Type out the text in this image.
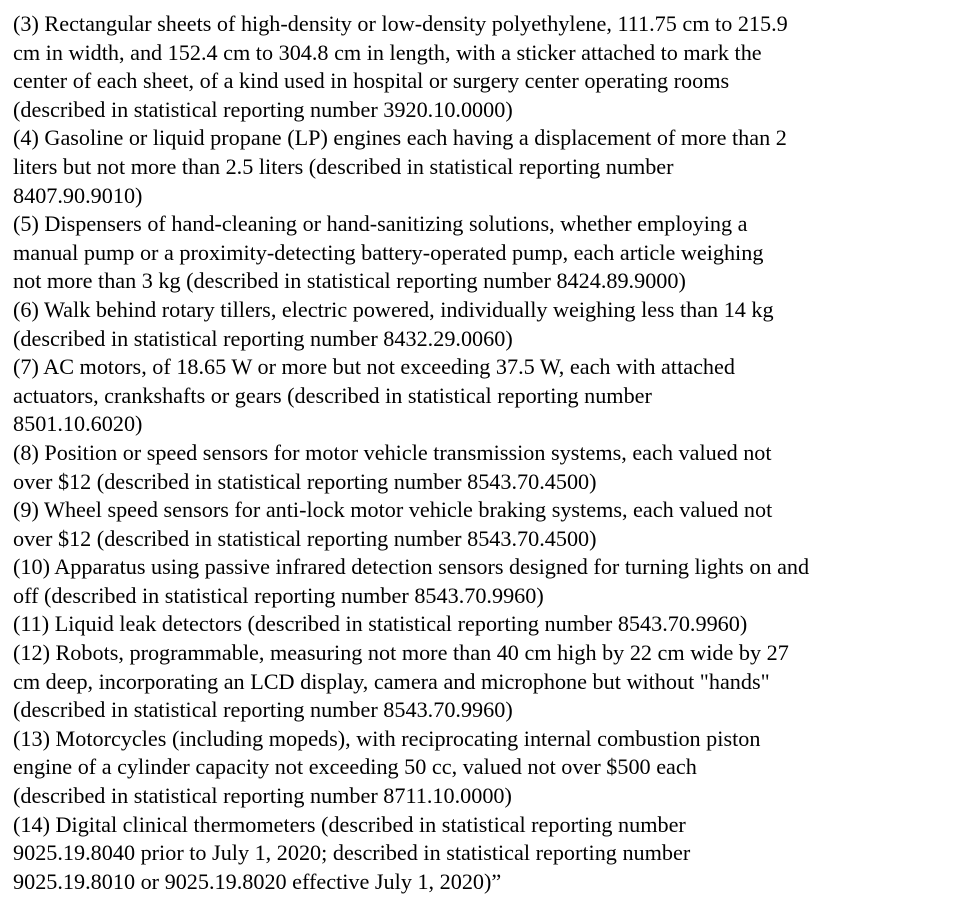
(3) Rectangular sheets of high-density or low-density polyethylene, 111.75 cm to 215.9
cm in width, and 152.4 cm to 304.8 cm in length, with a sticker attached to mark the
center of each sheet, of a kind used in hospital or surgery center operating rooms
(described in statistical reporting number 3920.10.0000)

(4) Gasoline or liquid propane (LP) engines each having a displacement of more than 2
liters but not more than 2.5 liters (described in statistical reporting number
8407.90.9010)

(5) Dispensers of hand-cleaning or hand-sanitizing solutions, whether employing a
manual pump or a proximity-detecting battery-operated pump, each article weighing
not more than 3 kg (described in statistical reporting number 8424.89.9000)

(6) Walk behind rotary tillers, electric powered, individually weighing less than 14 kg
(described in statistical reporting number 8432.29.0060)

(7) AC motors, of 18.65 W or more but not exceeding 37.5 W, each with attached
actuators, crankshafts or gears (described in statistical reporting number
8501.10.6020)

(8) Position or speed sensors for motor vehicle transmission systems, each valued not
over $12 (described in statistical reporting number 8543.70.4500)

(9) Wheel speed sensors for anti-lock motor vehicle braking systems, each valued not
over $12 (described in statistical reporting number 8543.70.4500)

(10) Apparatus using passive infrared detection sensors designed for turning lights on and
off (described in statistical reporting number 8543.70.9960)

(11) Liquid leak detectors (described in statistical reporting number 8543.70.9960)

(12) Robots, programmable, measuring not more than 40 cm high by 22 cm wide by 27
cm deep, incorporating an LCD display, camera and microphone but without "hands"
(described in statistical reporting number 8543.70.9960)

(13) Motorcycles (including mopeds), with reciprocating internal combustion piston
engine of a cylinder capacity not exceeding 50 cc, valued not over $500 each
(described in statistical reporting number 8711.10.0000)

(14) Digital clinical thermometers (described in statistical reporting number
9025.19.8040 prior to July 1, 2020; described in statistical reporting number
9025.19.8010 or 9025.19.8020 effective July 1, 2020)”
